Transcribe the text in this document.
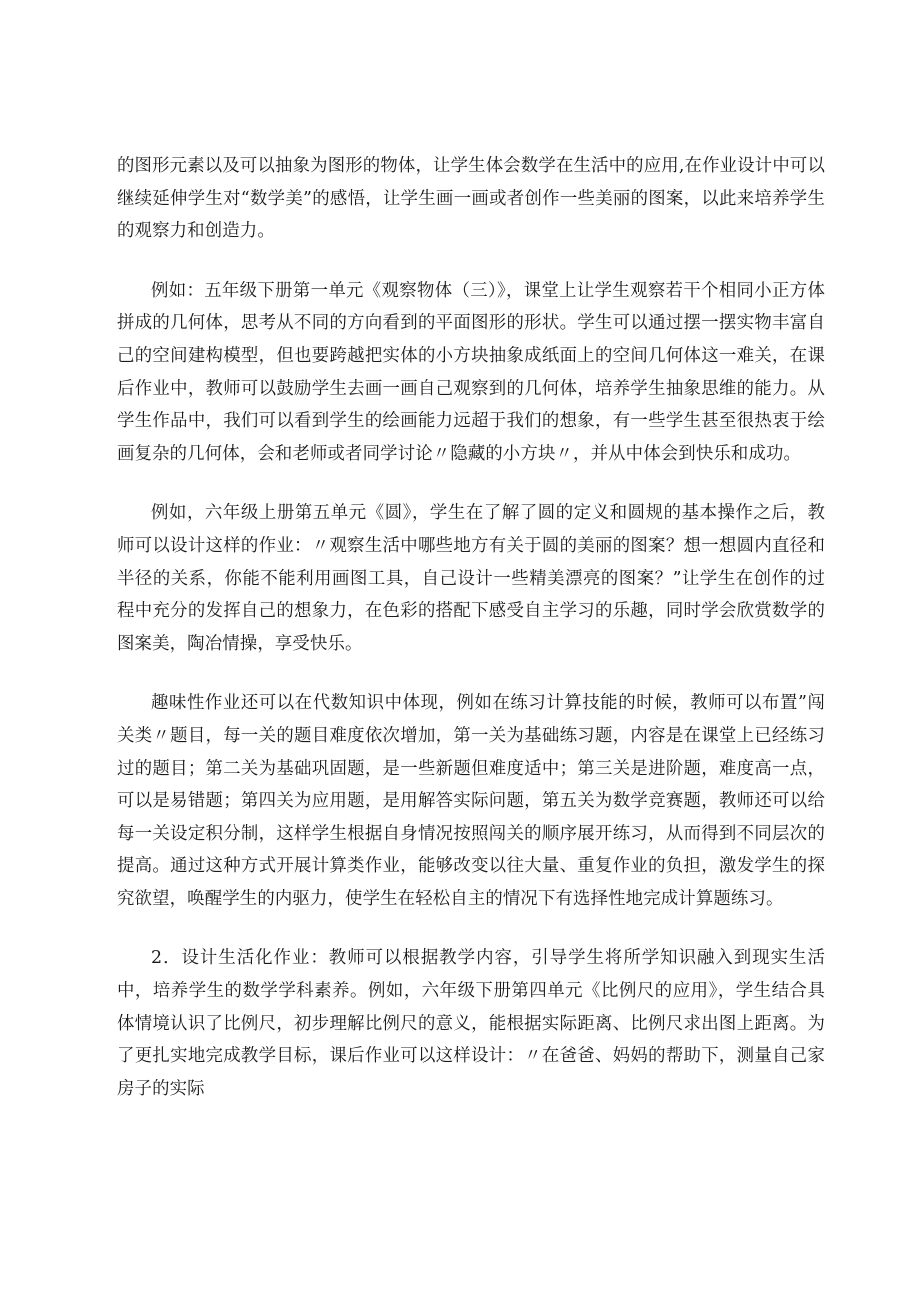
的图形元素以及可以抽象为图形的物体，让学生体会数学在生活中的应用,在作业设计中可以继续延伸学生对“数学美”的感悟，让学生画一画或者创作一些美丽的图案，以此来培养学生的观察力和创造力。

例如：五年级下册第一单元《观察物体（三）》，课堂上让学生观察若干个相同小正方体拼成的几何体，思考从不同的方向看到的平面图形的形状。学生可以通过摆一摆实物丰富自己的空间建构模型，但也要跨越把实体的小方块抽象成纸面上的空间几何体这一难关，在课后作业中，教师可以鼓励学生去画一画自己观察到的几何体，培养学生抽象思维的能力。从学生作品中，我们可以看到学生的绘画能力远超于我们的想象，有一些学生甚至很热衷于绘画复杂的几何体，会和老师或者同学讨论〃隐藏的小方块〃，并从中体会到快乐和成功。

例如，六年级上册第五单元《圆》，学生在了解了圆的定义和圆规的基本操作之后，教师可以设计这样的作业：〃观察生活中哪些地方有关于圆的美丽的图案？想一想圆内直径和半径的关系，你能不能利用画图工具，自己设计一些精美漂亮的图案？”让学生在创作的过程中充分的发挥自己的想象力，在色彩的搭配下感受自主学习的乐趣，同时学会欣赏数学的图案美，陶冶情操，享受快乐。

趣味性作业还可以在代数知识中体现，例如在练习计算技能的时候，教师可以布置”闯关类〃题目，每一关的题目难度依次增加，第一关为基础练习题，内容是在课堂上已经练习过的题目；第二关为基础巩固题，是一些新题但难度适中；第三关是进阶题，难度高一点，可以是易错题；第四关为应用题，是用解答实际问题，第五关为数学竞赛题，教师还可以给每一关设定积分制，这样学生根据自身情况按照闯关的顺序展开练习，从而得到不同层次的提高。通过这种方式开展计算类作业，能够改变以往大量、重复作业的负担，激发学生的探究欲望，唤醒学生的内驱力，使学生在轻松自主的情况下有选择性地完成计算题练习。

2．设计生活化作业：教师可以根据教学内容，引导学生将所学知识融入到现实生活中，培养学生的数学学科素养。例如，六年级下册第四单元《比例尺的应用》，学生结合具体情境认识了比例尺，初步理解比例尺的意义，能根据实际距离、比例尺求出图上距离。为了更扎实地完成教学目标，课后作业可以这样设计：〃在爸爸、妈妈的帮助下，测量自己家房子的实际
